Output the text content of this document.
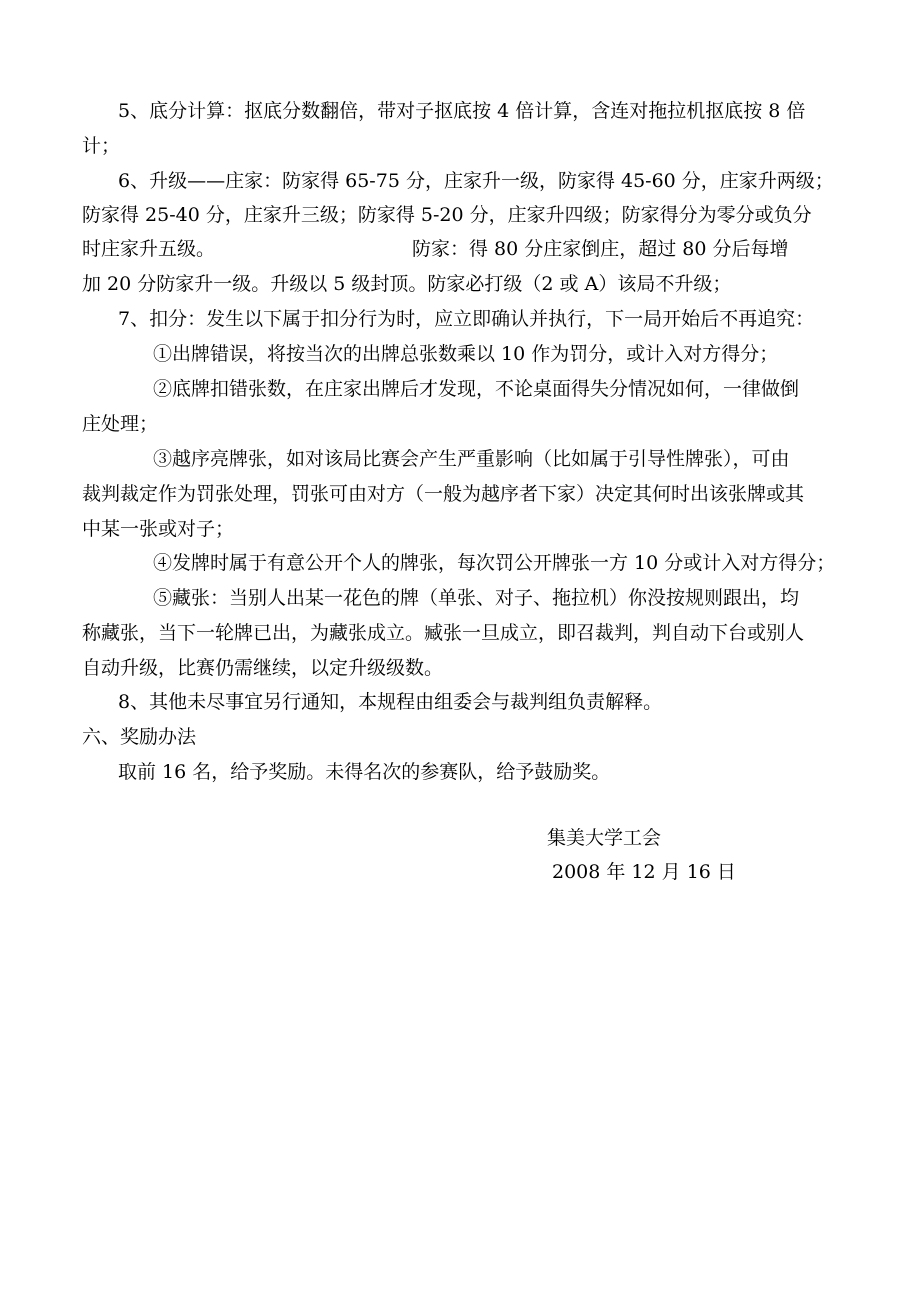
5、底分计算：抠底分数翻倍，带对子抠底按 4 倍计算，含连对拖拉机抠底按 8 倍
计；
6、升级——庄家：防家得 65-75 分，庄家升一级，防家得 45-60 分，庄家升两级；
防家得 25-40 分，庄家升三级；防家得 5-20 分，庄家升四级；防家得分为零分或负分
时庄家升五级。	防家：得 80 分庄家倒庄，超过 80 分后每增
加 20 分防家升一级。升级以 5 级封顶。防家必打级（2 或 A）该局不升级；
7、扣分：发生以下属于扣分行为时，应立即确认并执行，下一局开始后不再追究：
①出牌错误，将按当次的出牌总张数乘以 10 作为罚分，或计入对方得分；
②底牌扣错张数，在庄家出牌后才发现，不论桌面得失分情况如何，一律做倒
庄处理；
③越序亮牌张，如对该局比赛会产生严重影响（比如属于引导性牌张），可由
裁判裁定作为罚张处理，罚张可由对方（一般为越序者下家）决定其何时出该张牌或其
中某一张或对子；
④发牌时属于有意公开个人的牌张，每次罚公开牌张一方 10 分或计入对方得分；
⑤藏张：当别人出某一花色的牌（单张、对子、拖拉机）你没按规则跟出，均
称藏张，当下一轮牌已出，为藏张成立。臧张一旦成立，即召裁判，判自动下台或别人
自动升级，比赛仍需继续，以定升级级数。
8、其他未尽事宜另行通知，本规程由组委会与裁判组负责解释。
六、奖励办法
取前 16 名，给予奖励。未得名次的参赛队，给予鼓励奖。
集美大学工会
2008 年 12 月 16 日
